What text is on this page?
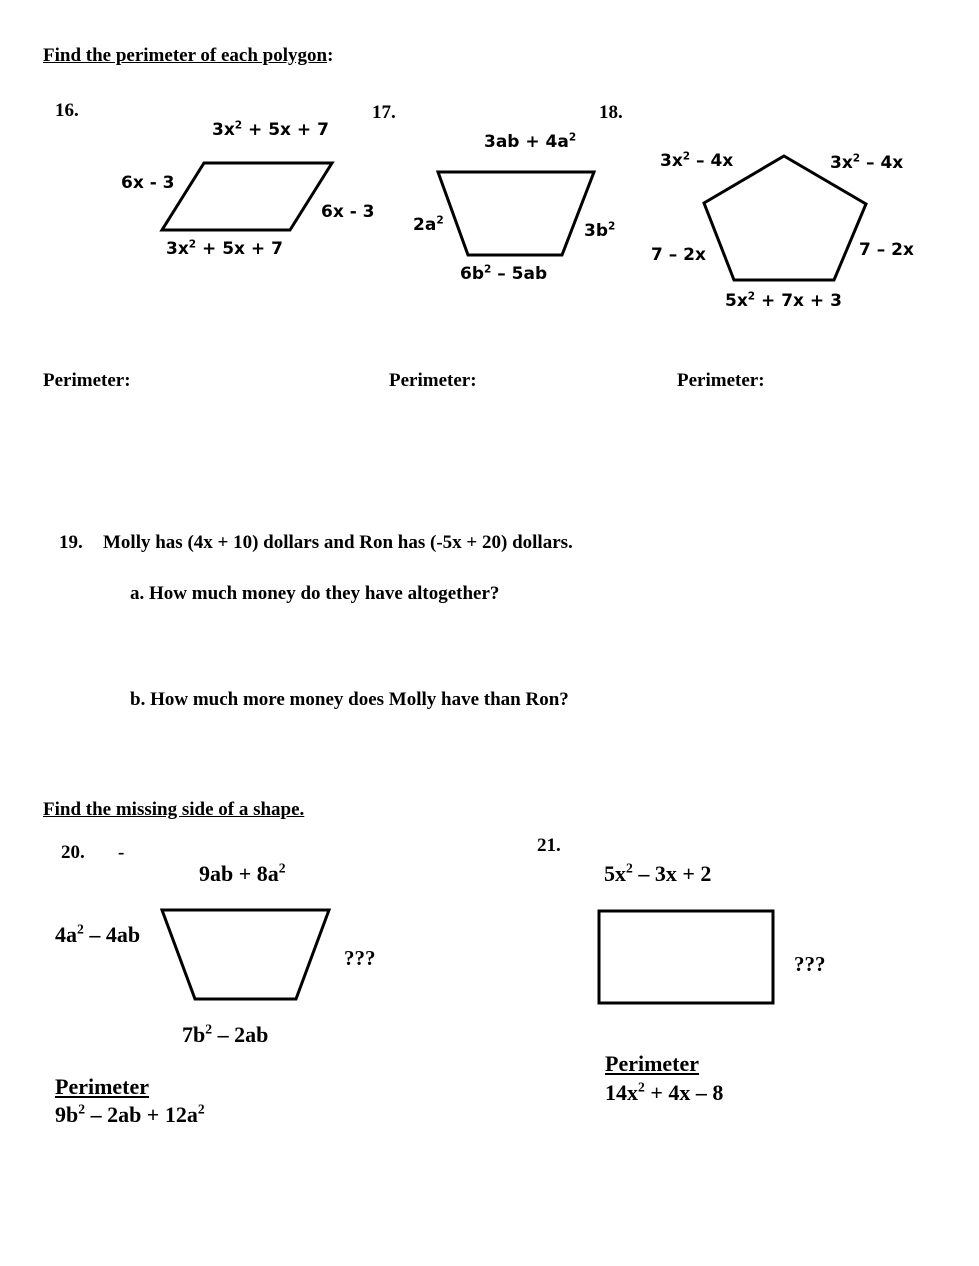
Find the perimeter of each polygon:
16.
$3x^2 + 5x + 7$
6x - 3
6x - 3
$3x^2 + 5x + 7$
Perimeter:
17.
$3ab + 4a^2$
$2a^2$
$3b^2$
$6b^2 - 5ab$
Perimeter:
18.
$3x^2 - 4x$	$3x^2 - 4x$
7 – 2x	7 – 2x
$5x^2 + 7x + 3$
Perimeter:
19. Molly has (4x + 10) dollars and Ron has (-5x + 20) dollars.
a. How much money do they have altogether?
b. How much more money does Molly have than Ron?
Find the missing side of a shape.
20. -
$9ab + 8a^2$
$4a^2 - 4ab$
???
$7b^2 - 2ab$
Perimeter
$9b^2 - 2ab + 12a^2$
21.
$5x^2 - 3x + 2$
???
Perimeter
$14x^2 + 4x - 8$
